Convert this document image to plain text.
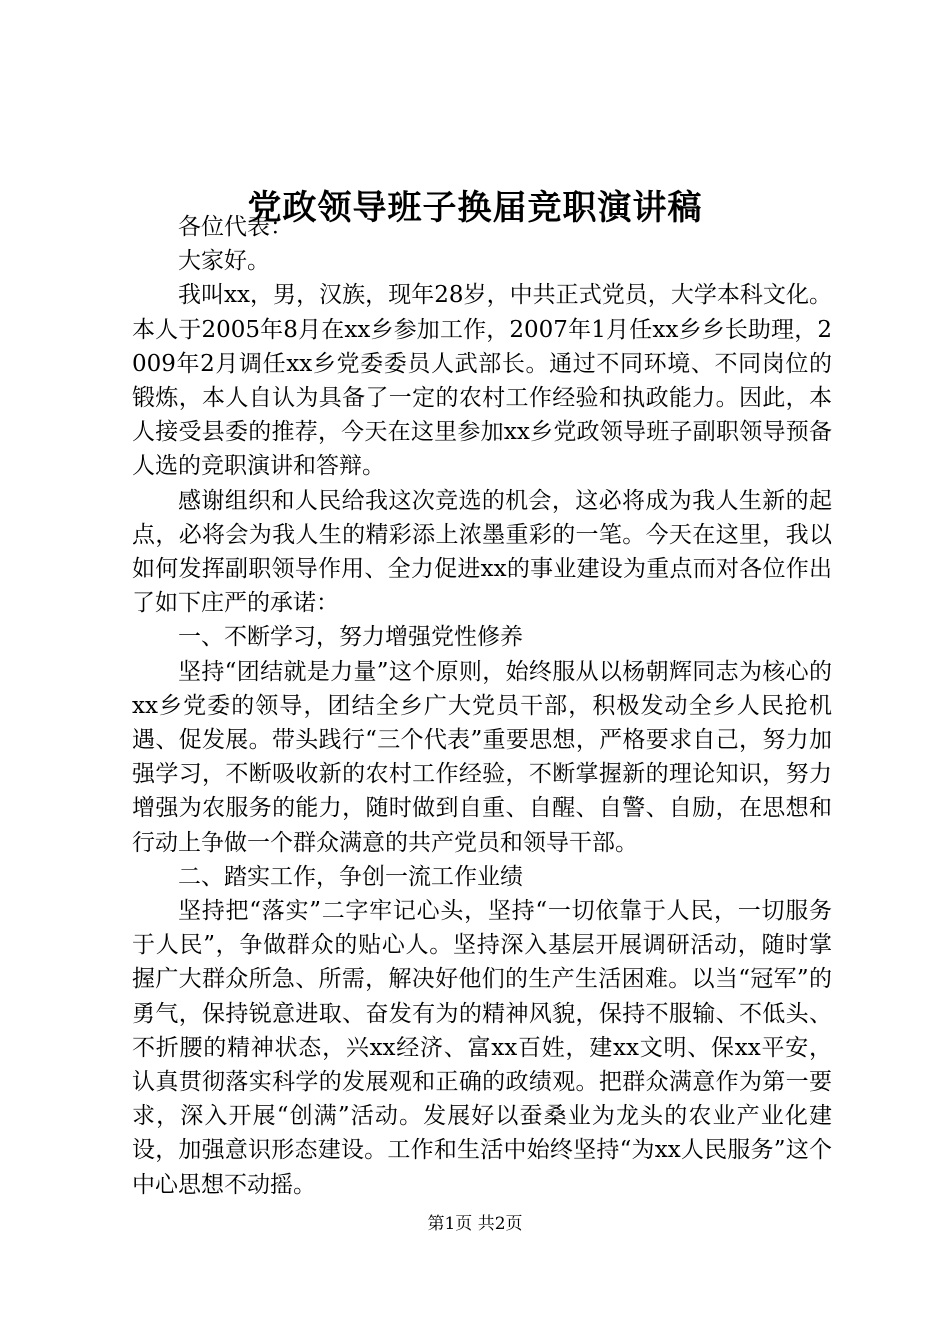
党政领导班子换届竞职演讲稿

各位代表：

大家好。

我叫xx，男，汉族，现年28岁，中共正式党员，大学本科文化。本人于2005年8月在xx乡参加工作，2007年1月任xx乡乡长助理，2009年2月调任xx乡党委委员人武部长。通过不同环境、不同岗位的锻炼，本人自认为具备了一定的农村工作经验和执政能力。因此，本人接受县委的推荐，今天在这里参加xx乡党政领导班子副职领导预备人选的竞职演讲和答辩。

感谢组织和人民给我这次竞选的机会，这必将成为我人生新的起点，必将会为我人生的精彩添上浓墨重彩的一笔。今天在这里，我以如何发挥副职领导作用、全力促进xx的事业建设为重点而对各位作出了如下庄严的承诺：

一、不断学习，努力增强党性修养

坚持“团结就是力量”这个原则，始终服从以杨朝辉同志为核心的xx乡党委的领导，团结全乡广大党员干部，积极发动全乡人民抢机遇、促发展。带头践行“三个代表”重要思想，严格要求自己，努力加强学习，不断吸收新的农村工作经验，不断掌握新的理论知识，努力增强为农服务的能力，随时做到自重、自醒、自警、自励，在思想和行动上争做一个群众满意的共产党员和领导干部。

二、踏实工作，争创一流工作业绩

坚持把“落实”二字牢记心头，坚持“一切依靠于人民，一切服务于人民”，争做群众的贴心人。坚持深入基层开展调研活动，随时掌握广大群众所急、所需，解决好他们的生产生活困难。以当“冠军”的勇气，保持锐意进取、奋发有为的精神风貌，保持不服输、不低头、不折腰的精神状态，兴xx经济、富xx百姓，建xx文明、保xx平安，认真贯彻落实科学的发展观和正确的政绩观。把群众满意作为第一要求，深入开展“创满”活动。发展好以蚕桑业为龙头的农业产业化建设，加强意识形态建设。工作和生活中始终坚持“为xx人民服务”这个中心思想不动摇。

第1页 共2页
